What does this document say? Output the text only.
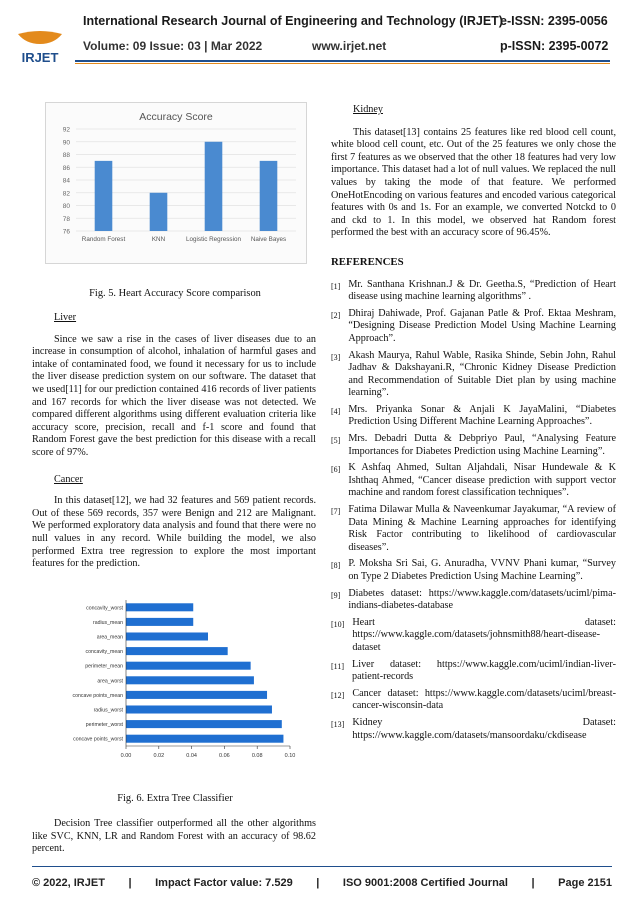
IRJET
International Research Journal of Engineering and Technology (IRJET)
e-ISSN: 2395-0056
Volume: 09 Issue: 03 | Mar 2022	www.irjet.net	p-ISSN: 2395-0072
Accuracy Score
76
78
80
82
84
86
88
90
92
Random Forest	KNN	Logistic Regression Naive Bayes
Fig. 5. Heart Accuracy Score comparison

Liver

Since we saw a rise in the cases of liver diseases due to an increase in consumption of alcohol, inhalation of harmful gases and intake of contaminated food, we found it necessary for us to include the liver disease prediction system on our software. The dataset that we used[11] for our prediction contained 416 records of liver patients and 167 records for which the liver disease was not detected. We compared different algorithms using different evaluation criteria like accuracy score, precision, recall and f-1 score and found that Random Forest gave the best prediction for this disease with a recall score of 97%.

Cancer

In this dataset[12], we had 32 features and 569 patient records. Out of these 569 records, 357 were Benign and 212 are Malignant. We performed exploratory data analysis and found that there were no null values in any record. While building the model, we also performed Extra tree regression to explore the most important features for the prediction.

concavity_worst
radius_mean
area_mean
concavity_mean
perimeter_mean
area_worst
concave points_mean
radius_worst
perimeter_worst
concave points_worst
0.00	0.02	0.04	0.06	0.08	0.10
Fig. 6. Extra Tree Classifier

Decision Tree classifier outperformed all the other algorithms like SVC, KNN, LR and Random Forest with an accuracy of 98.62 percent.

Kidney

This dataset[13] contains 25 features like red blood cell count, white blood cell count, etc. Out of the 25 features we only chose the first 7 features as we observed that the other 18 features had very low importance. This dataset had a lot of null values. We replaced the null values by taking the mode of that feature. We performed OneHotEncoding on various features and encoded various categorical features with 0s and 1s. For an example, we converted Notckd to 0 and ckd to 1. In this model, we observed hat Random forest performed the best with an accuracy score of 96.45%.

REFERENCES

[1] Mr. Santhana Krishnan.J & Dr. Geetha.S, “Prediction of Heart disease using machine learning algorithms” .
[2] Dhiraj Dahiwade, Prof. Gajanan Patle & Prof. Ektaa Meshram, “Designing Disease Prediction Model Using Machine Learning Approach”.
[3] Akash Maurya, Rahul Wable, Rasika Shinde, Sebin John, Rahul Jadhav & Dakshayani.R, “Chronic Kidney Disease Prediction and Recommendation of Suitable Diet plan by using machine learning”.
[4] Mrs. Priyanka Sonar & Anjali K JayaMalini, “Diabetes Prediction Using Different Machine Learning Approaches”.
[5] Mrs. Debadri Dutta & Debpriyo Paul, “Analysing Feature Importances for Diabetes Prediction using Machine Learning”.
[6] K Ashfaq Ahmed, Sultan Aljahdali, Nisar Hundewale & K Ishthaq Ahmed, “Cancer disease prediction with support vector machine and random forest classification techniques”.
[7] Fatima Dilawar Mulla & Naveenkumar Jayakumar, “A review of Data Mining & Machine Learning approaches for identifying Risk Factor contributing to likelihood of cardiovascular diseases”.
[8] P. Moksha Sri Sai, G. Anuradha, VVNV Phani kumar, “Survey on Type 2 Diabetes Prediction Using Machine Learning”.
[9] Diabetes dataset: https://www.kaggle.com/datasets/uciml/pima-indians-diabetes-database
[10] Heart dataset: https://www.kaggle.com/datasets/johnsmith88/heart-disease-dataset
[11] Liver dataset: https://www.kaggle.com/uciml/indian-liver-patient-records
[12] Cancer dataset: https://www.kaggle.com/datasets/uciml/breast-cancer-wisconsin-data
[13] Kidney Dataset: https://www.kaggle.com/datasets/mansoordaku/ckdisease
© 2022, IRJET | Impact Factor value: 7.529 | ISO 9001:2008 Certified Journal | Page 2151
